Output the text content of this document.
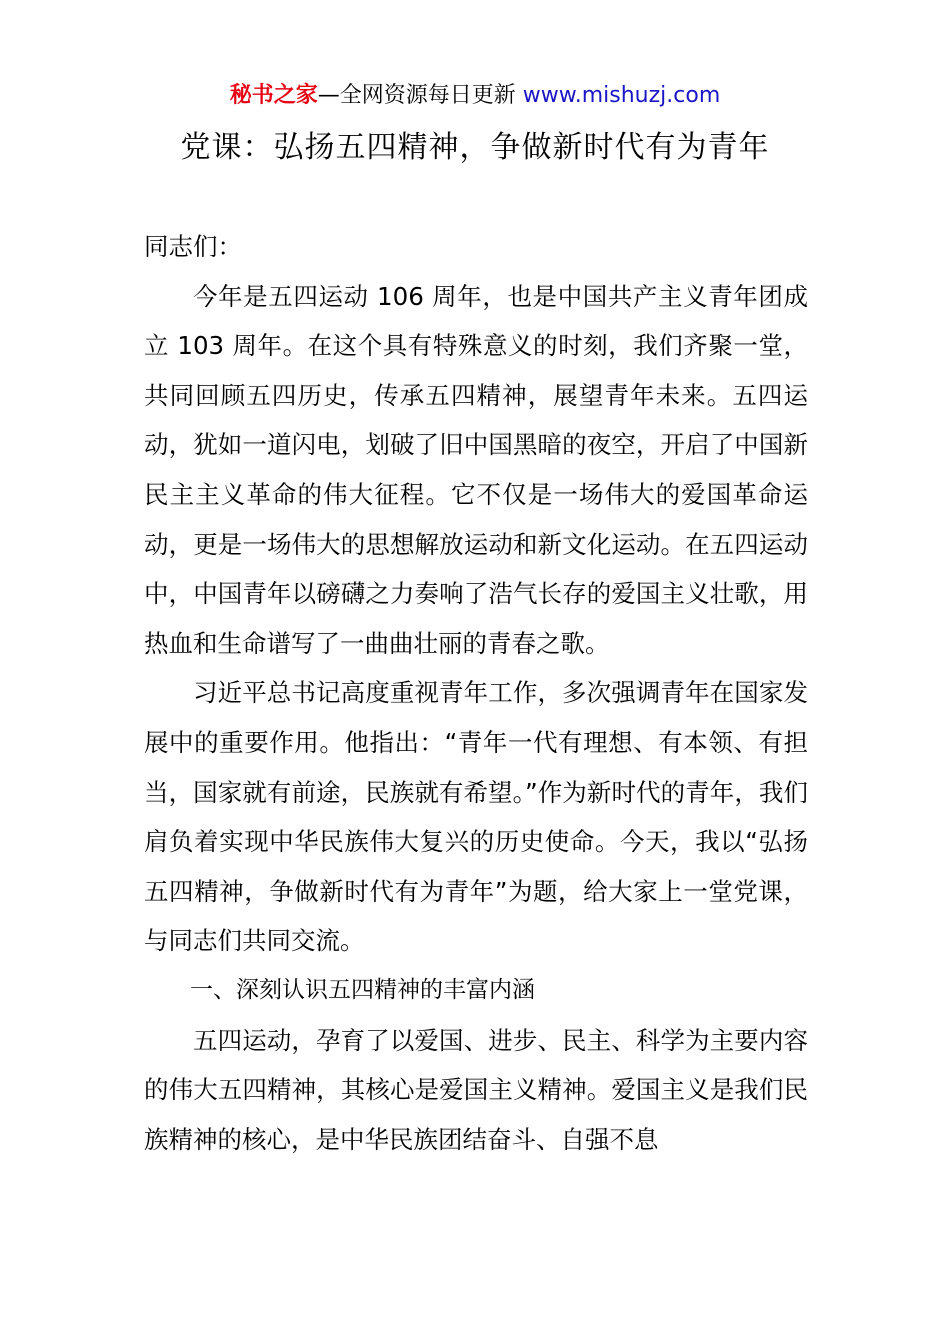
秘书之家—全网资源每日更新 www.mishuzj.com
党课：弘扬五四精神，争做新时代有为青年

同志们：

今年是五四运动 106 周年，也是中国共产主义青年团成立 103 周年。在这个具有特殊意义的时刻，我们齐聚一堂，共同回顾五四历史，传承五四精神，展望青年未来。五四运动，犹如一道闪电，划破了旧中国黑暗的夜空，开启了中国新民主主义革命的伟大征程。它不仅是一场伟大的爱国革命运动，更是一场伟大的思想解放运动和新文化运动。在五四运动中，中国青年以磅礴之力奏响了浩气长存的爱国主义壮歌，用热血和生命谱写了一曲曲壮丽的青春之歌。

习近平总书记高度重视青年工作，多次强调青年在国家发展中的重要作用。他指出：“青年一代有理想、有本领、有担当，国家就有前途，民族就有希望。”作为新时代的青年，我们肩负着实现中华民族伟大复兴的历史使命。今天，我以“弘扬五四精神，争做新时代有为青年”为题，给大家上一堂党课，与同志们共同交流。

一、深刻认识五四精神的丰富内涵

五四运动，孕育了以爱国、进步、民主、科学为主要内容的伟大五四精神，其核心是爱国主义精神。爱国主义是我们民族精神的核心，是中华民族团结奋斗、自强不息
